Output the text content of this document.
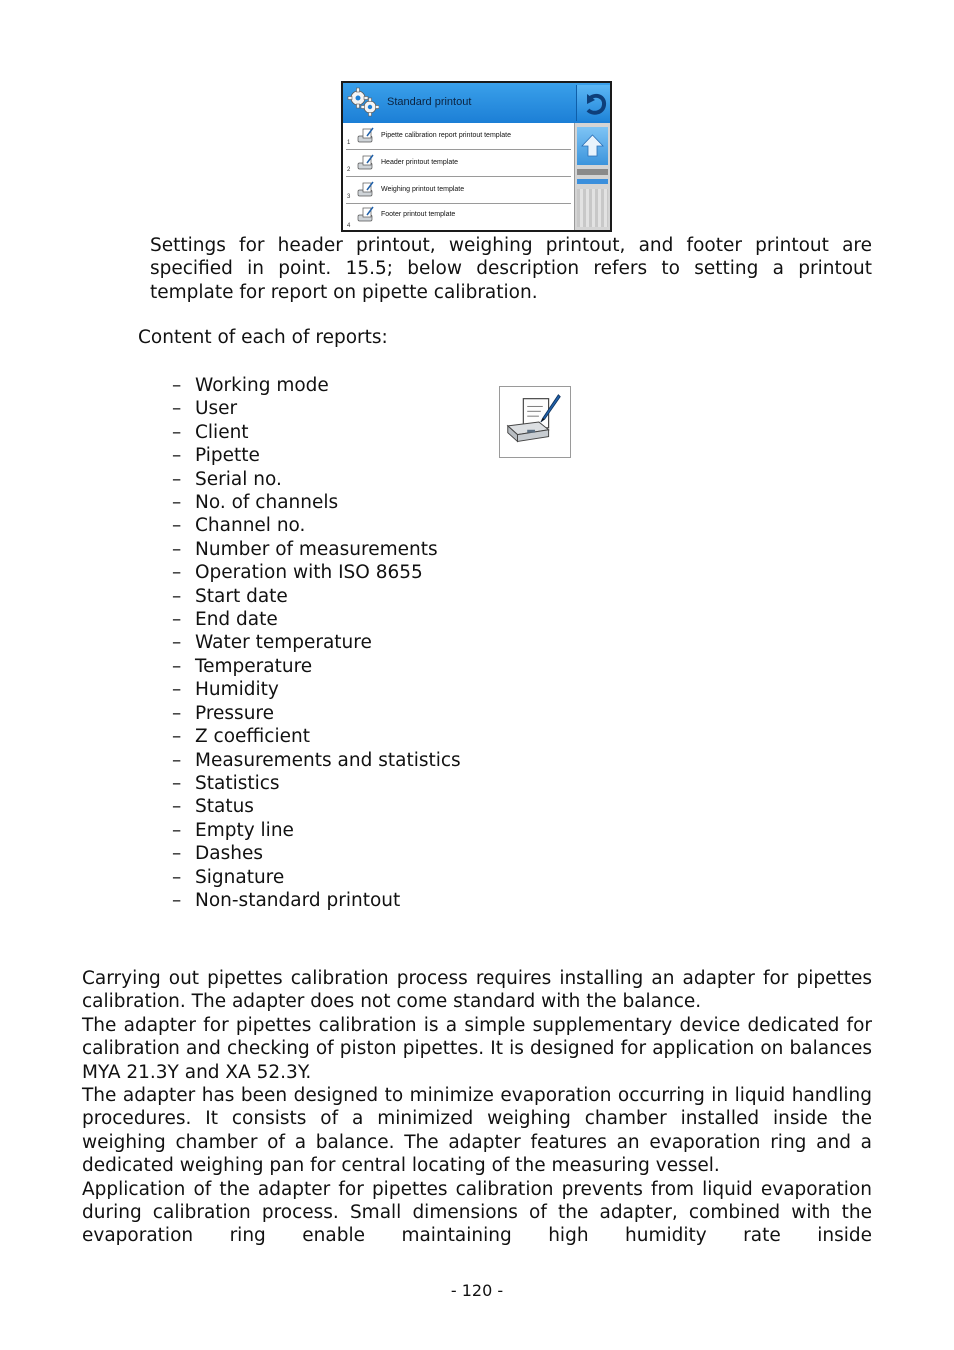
Standard printout
1
Pipette calibration report printout template
2
Header printout template
3
Weighing printout template
4
Footer printout template

Settings for header printout, weighing printout, and footer printout are specified in point. 15.5; below description refers to setting a printout template for report on pipette calibration.

Content of each of reports:

– Working mode
– User
– Client
– Pipette
– Serial no.
– No. of channels
– Channel no.
– Number of measurements
– Operation with ISO 8655
– Start date
– End date
– Water temperature
– Temperature
– Humidity
– Pressure
– Z coefficient
– Measurements and statistics
– Statistics
– Status
– Empty line
– Dashes
– Signature
– Non-standard printout

Carrying out pipettes calibration process requires installing an adapter for pipettes calibration. The adapter does not come standard with the balance.

The adapter for pipettes calibration is a simple supplementary device dedicated for calibration and checking of piston pipettes. It is designed for application on balances MYA 21.3Y and XA 52.3Y.

The adapter has been designed to minimize evaporation occurring in liquid handling procedures. It consists of a minimized weighing chamber installed inside the weighing chamber of a balance. The adapter features an evaporation ring and a dedicated weighing pan for central locating of the measuring vessel.

Application of the adapter for pipettes calibration prevents from liquid evaporation during calibration process. Small dimensions of the adapter, combined with the evaporation ring enable maintaining high humidity rate inside

- 120 -
